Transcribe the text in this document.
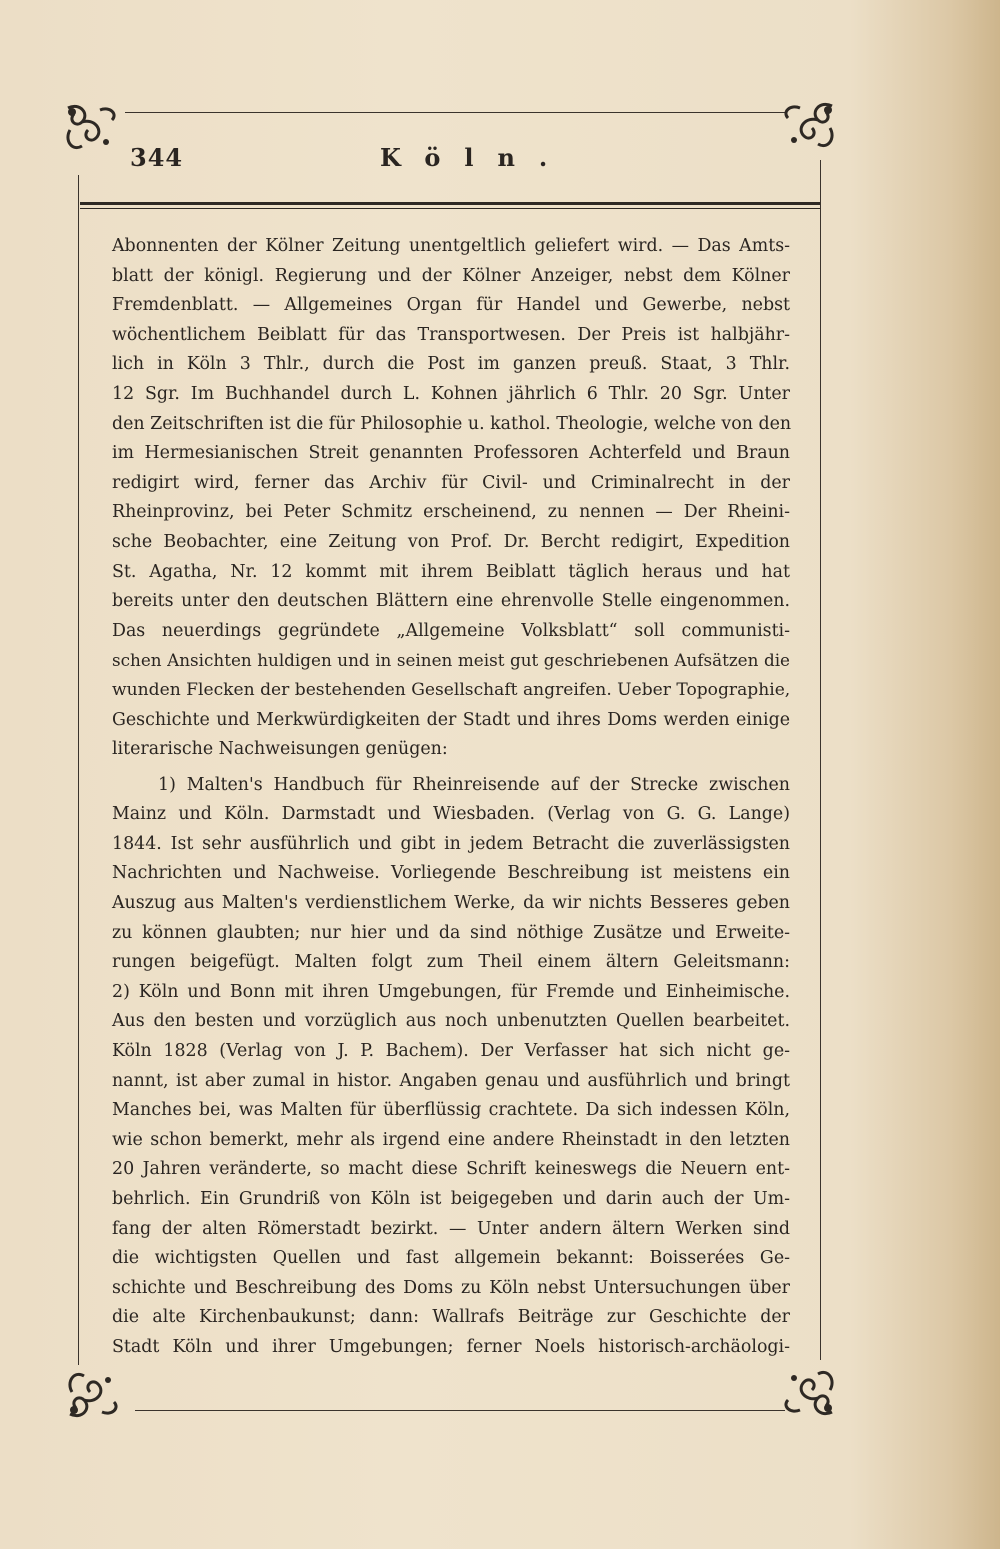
344	Köln.
Abonnenten der Kölner Zeitung unentgeltlich geliefert wird. — Das Amts-
blatt der königl. Regierung und der Kölner Anzeiger, nebst dem Kölner
Fremdenblatt. — Allgemeines Organ für Handel und Gewerbe, nebst
wöchentlichem Beiblatt für das Transportwesen. Der Preis ist halbjähr-
lich in Köln 3 Thlr., durch die Post im ganzen preuß. Staat, 3 Thlr.
12 Sgr. Im Buchhandel durch L. Kohnen jährlich 6 Thlr. 20 Sgr. Unter
den Zeitschriften ist die für Philosophie u. kathol. Theologie, welche von den
im Hermesianischen Streit genannten Professoren Achterfeld und Braun
redigirt wird, ferner das Archiv für Civil- und Criminalrecht in der
Rheinprovinz, bei Peter Schmitz erscheinend, zu nennen — Der Rheini-
sche Beobachter, eine Zeitung von Prof. Dr. Bercht redigirt, Expedition
St. Agatha, Nr. 12 kommt mit ihrem Beiblatt täglich heraus und hat
bereits unter den deutschen Blättern eine ehrenvolle Stelle eingenommen.
Das neuerdings gegründete „Allgemeine Volksblatt“ soll communisti-
schen Ansichten huldigen und in seinen meist gut geschriebenen Aufsätzen die
wunden Flecken der bestehenden Gesellschaft angreifen. Ueber Topographie,
Geschichte und Merkwürdigkeiten der Stadt und ihres Doms werden einige
literarische Nachweisungen genügen:
1) Malten's Handbuch für Rheinreisende auf der Strecke zwischen
Mainz und Köln. Darmstadt und Wiesbaden. (Verlag von G. G. Lange)
1844. Ist sehr ausführlich und gibt in jedem Betracht die zuverlässigsten
Nachrichten und Nachweise. Vorliegende Beschreibung ist meistens ein
Auszug aus Malten's verdienstlichem Werke, da wir nichts Besseres geben
zu können glaubten; nur hier und da sind nöthige Zusätze und Erweite-
rungen beigefügt. Malten folgt zum Theil einem ältern Geleitsmann:
2) Köln und Bonn mit ihren Umgebungen, für Fremde und Einheimische.
Aus den besten und vorzüglich aus noch unbenutzten Quellen bearbeitet.
Köln 1828 (Verlag von J. P. Bachem). Der Verfasser hat sich nicht ge-
nannt, ist aber zumal in histor. Angaben genau und ausführlich und bringt
Manches bei, was Malten für überflüssig crachtete. Da sich indessen Köln,
wie schon bemerkt, mehr als irgend eine andere Rheinstadt in den letzten
20 Jahren veränderte, so macht diese Schrift keineswegs die Neuern ent-
behrlich. Ein Grundriß von Köln ist beigegeben und darin auch der Um-
fang der alten Römerstadt bezirkt. — Unter andern ältern Werken sind
die wichtigsten Quellen und fast allgemein bekannt: Boisserées Ge-
schichte und Beschreibung des Doms zu Köln nebst Untersuchungen über
die alte Kirchenbaukunst; dann: Wallrafs Beiträge zur Geschichte der
Stadt Köln und ihrer Umgebungen; ferner Noels historisch-archäologi-
